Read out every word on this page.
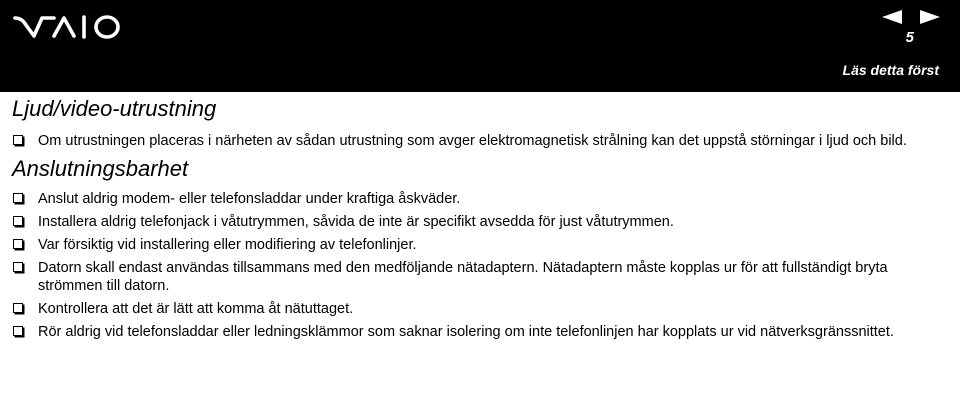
5
Läs detta först
Ljud/video-utrustning
Om utrustningen placeras i närheten av sådan utrustning som avger elektromagnetisk strålning kan det uppstå störningar i ljud och bild.
Anslutningsbarhet
Anslut aldrig modem- eller telefonsladdar under kraftiga åskväder.
Installera aldrig telefonjack i våtutrymmen, såvida de inte är specifikt avsedda för just våtutrymmen.
Var försiktig vid installering eller modifiering av telefonlinjer.
Datorn skall endast användas tillsammans med den medföljande nätadaptern. Nätadaptern måste kopplas ur för att fullständigt bryta strömmen till datorn.
Kontrollera att det är lätt att komma åt nätuttaget.
Rör aldrig vid telefonsladdar eller ledningsklämmor som saknar isolering om inte telefonlinjen har kopplats ur vid nätverksgränssnittet.
